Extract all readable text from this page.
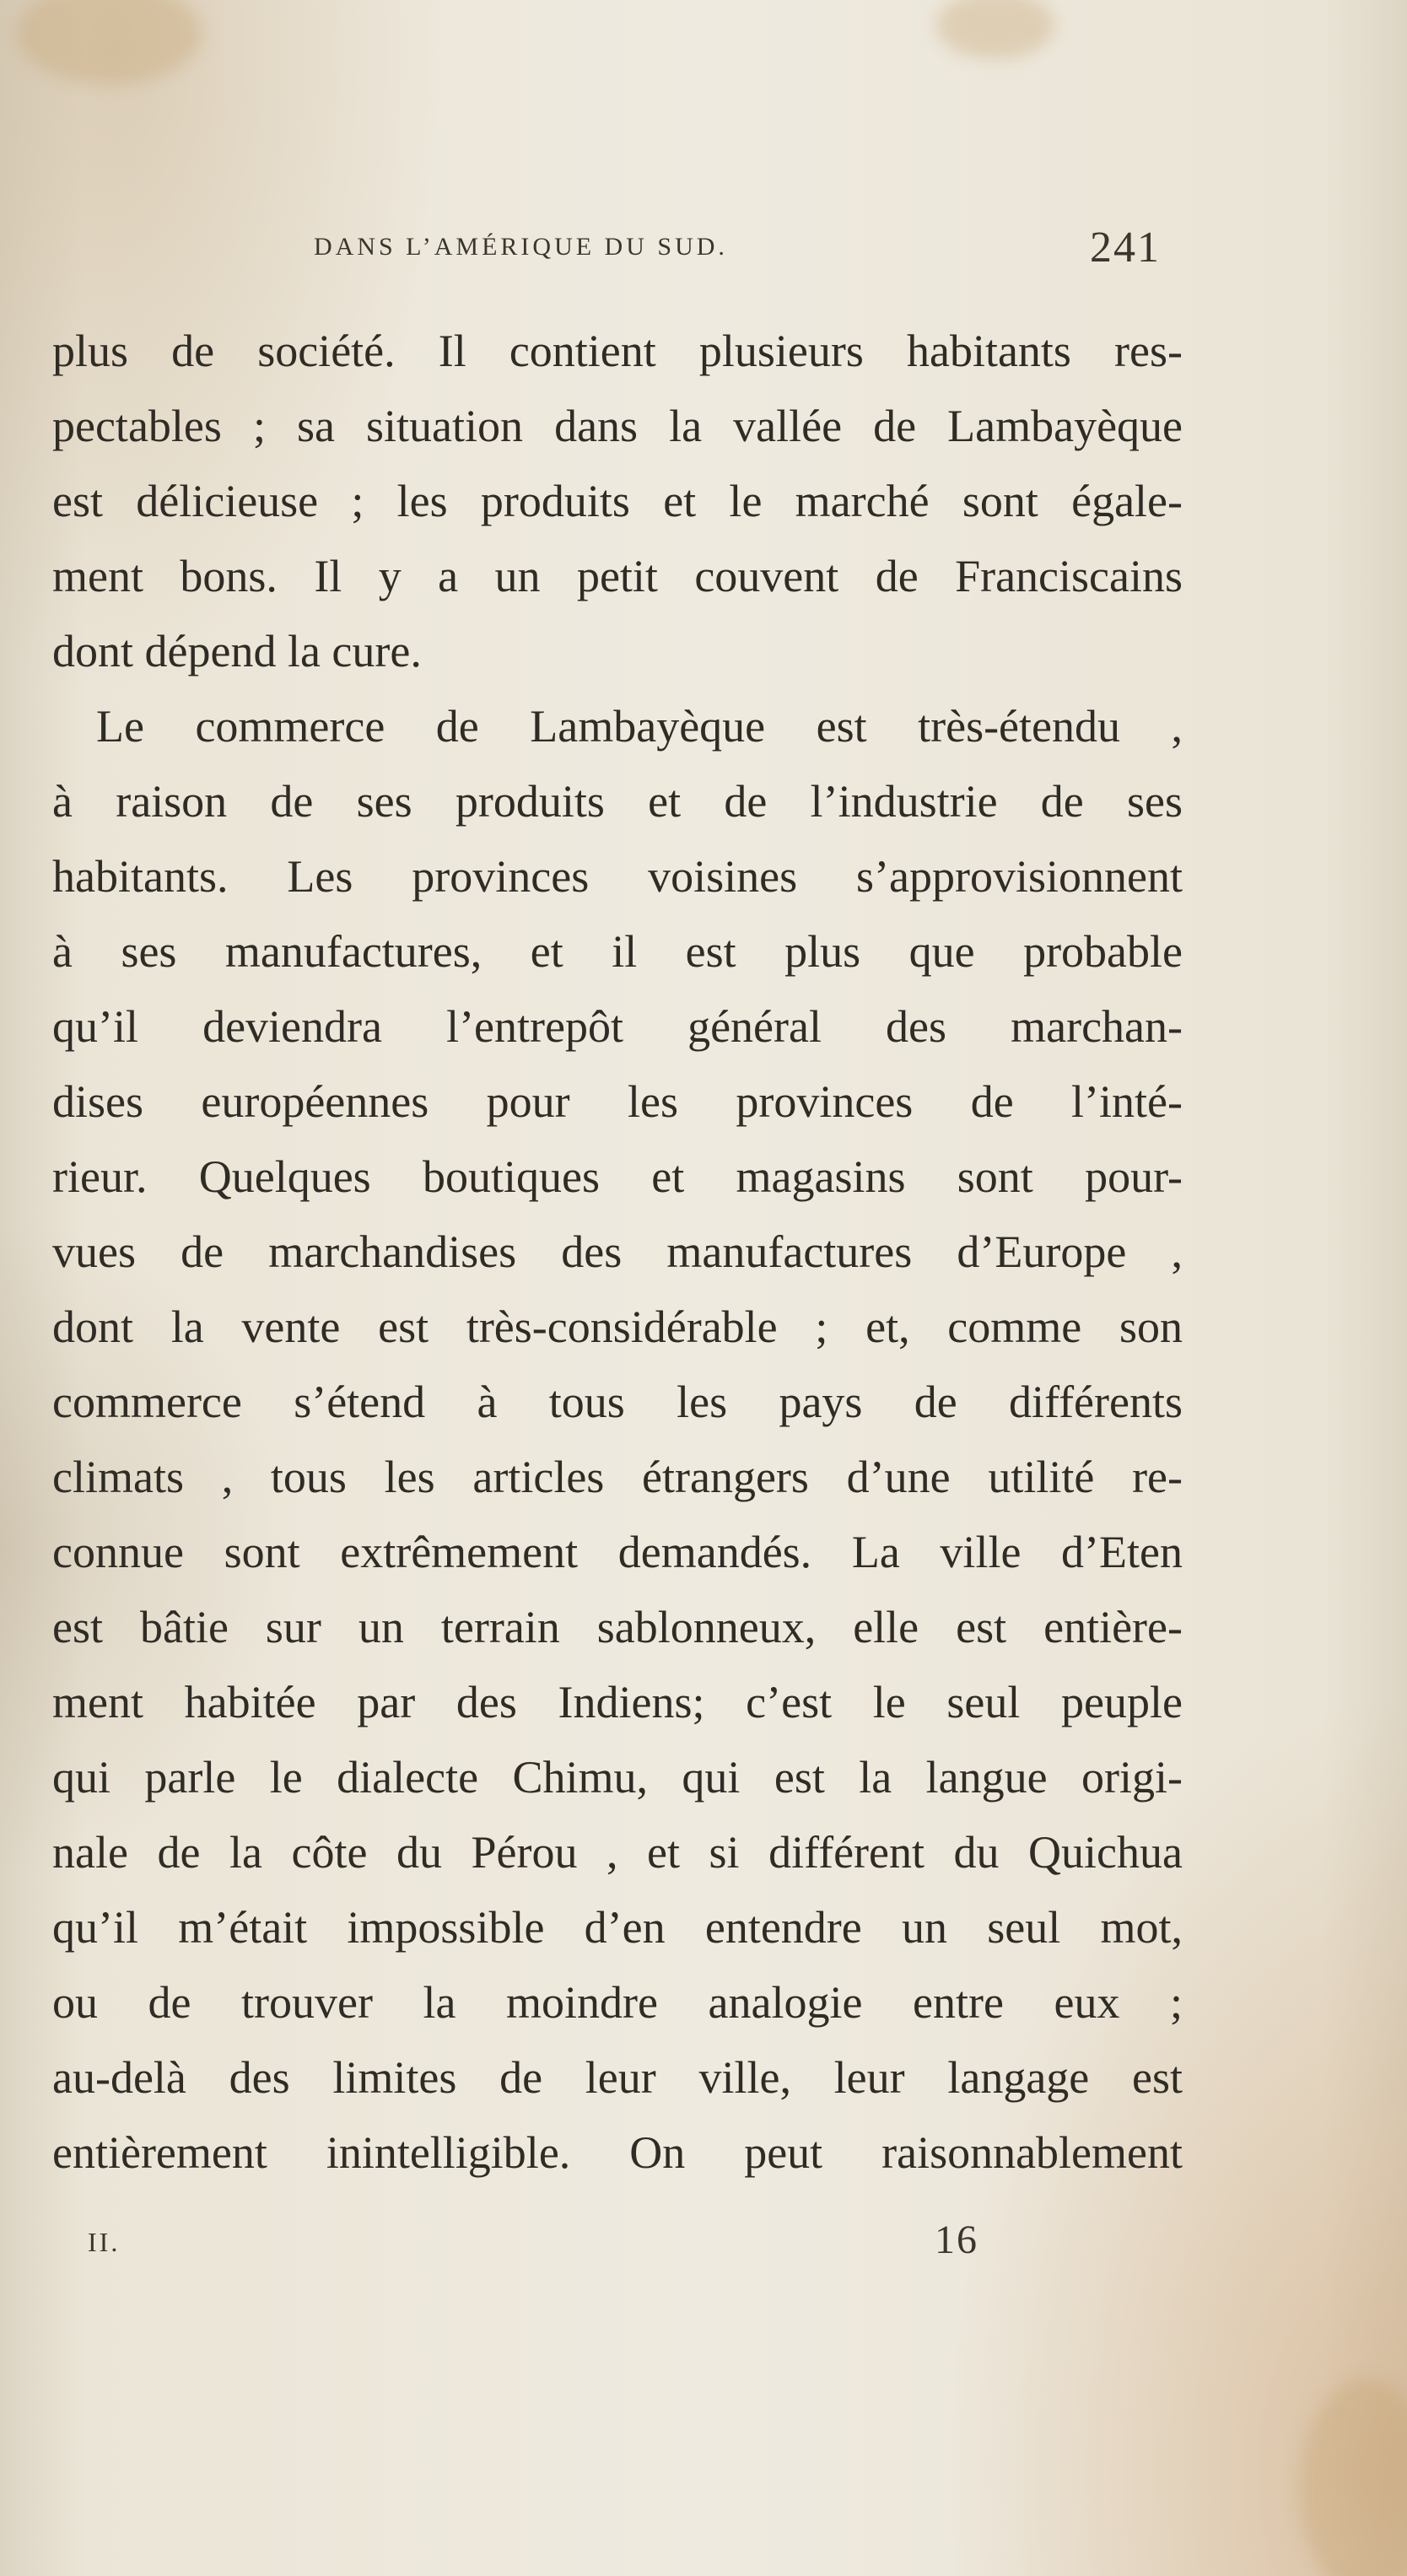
DANS L’AMÉRIQUE DU SUD.	241
plus de société. Il contient plusieurs habitants res-
pectables ; sa situation dans la vallée de Lambayèque
est délicieuse ; les produits et le marché sont égale-
ment bons. Il y a un petit couvent de Franciscains
dont dépend la cure.
Le commerce de Lambayèque est très-étendu ,
à raison de ses produits et de l’industrie de ses
habitants. Les provinces voisines s’approvisionnent
à ses manufactures, et il est plus que probable
qu’il deviendra l’entrepôt général des marchan-
dises européennes pour les provinces de l’inté-
rieur. Quelques boutiques et magasins sont pour-
vues de marchandises des manufactures d’Europe ,
dont la vente est très-considérable ; et, comme son
commerce s’étend à tous les pays de différents
climats , tous les articles étrangers d’une utilité re-
connue sont extrêmement demandés. La ville d’Eten
est bâtie sur un terrain sablonneux, elle est entière-
ment habitée par des Indiens; c’est le seul peuple
qui parle le dialecte Chimu, qui est la langue origi-
nale de la côte du Pérou , et si différent du Quichua
qu’il m’était impossible d’en entendre un seul mot,
ou de trouver la moindre analogie entre eux ;
au-delà des limites de leur ville, leur langage est
entièrement inintelligible. On peut raisonnablement
II.	16
